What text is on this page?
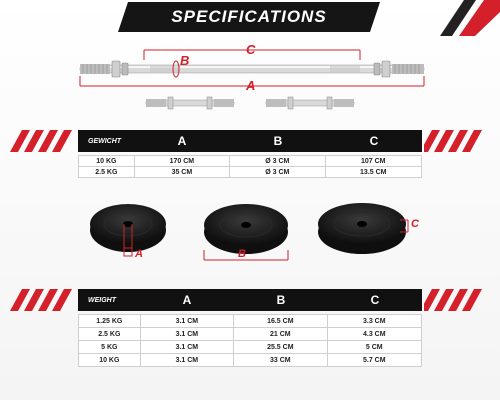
SPECIFICATIONS
C
B
A
GEWICHT	A	B	C
10 KG	170 CM	Ø 3 CM	107 CM
2.5 KG	35 CM	Ø 3 CM	13.5 CM
A	B
C
WEIGHT	A	B	C
1.25 KG	3.1 CM	16.5 CM	3.3 CM
2.5 KG	3.1 CM	21 CM	4.3 CM
5 KG	3.1 CM	25.5 CM	5 CM
10 KG	3.1 CM	33 CM	5.7 CM
